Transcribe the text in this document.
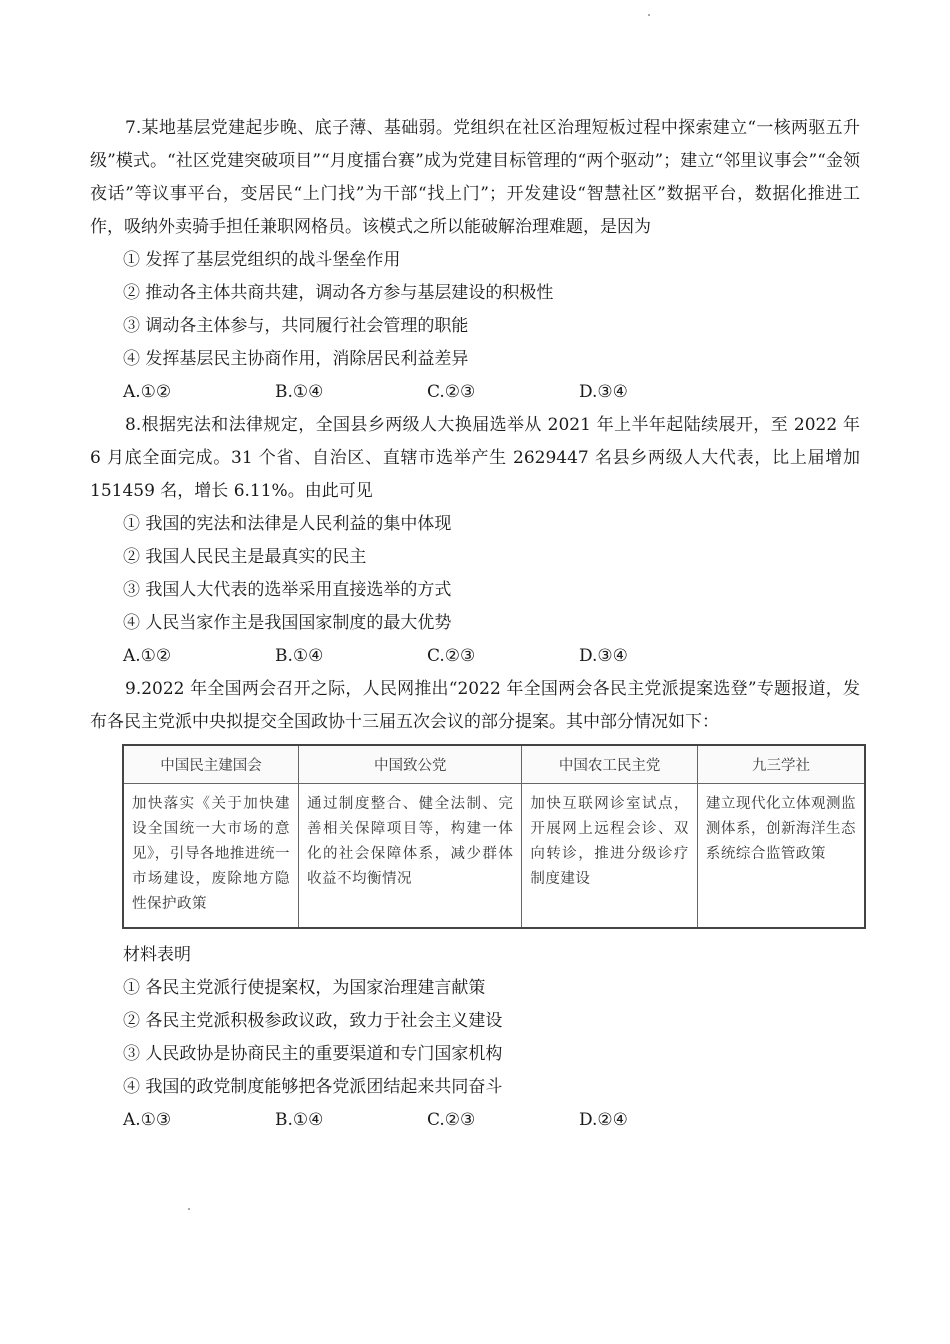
7.某地基层党建起步晚、底子薄、基础弱。党组织在社区治理短板过程中探索建立“一核两驱五升级”模式。“社区党建突破项目”“月度擂台赛”成为党建目标管理的“两个驱动”；建立“邻里议事会”“金领夜话”等议事平台，变居民“上门找”为干部“找上门”；开发建设“智慧社区”数据平台，数据化推进工作，吸纳外卖骑手担任兼职网格员。该模式之所以能破解治理难题，是因为

① 发挥了基层党组织的战斗堡垒作用

② 推动各主体共商共建，调动各方参与基层建设的积极性

③ 调动各主体参与，共同履行社会管理的职能

④ 发挥基层民主协商作用，消除居民利益差异

A.①②	B.①④	C.②③	D.③④

8.根据宪法和法律规定，全国县乡两级人大换届选举从 2021 年上半年起陆续展开，至 2022 年 6 月底全面完成。31 个省、自治区、直辖市选举产生 2629447 名县乡两级人大代表，比上届增加 151459 名，增长 6.11%。由此可见

① 我国的宪法和法律是人民利益的集中体现

② 我国人民民主是最真实的民主

③ 我国人大代表的选举采用直接选举的方式

④ 人民当家作主是我国国家制度的最大优势

A.①②	B.①④	C.②③	D.③④

9.2022 年全国两会召开之际，人民网推出“2022 年全国两会各民主党派提案选登”专题报道，发布各民主党派中央拟提交全国政协十三届五次会议的部分提案。其中部分情况如下：

中国民主建国会	中国致公党	中国农工民主党	九三学社
加快落实《关于加快建设全国统一大市场的意见》，引导各地推进统一市场建设，废除地方隐性保护政策	通过制度整合、健全法制、完善相关保障项目等，构建一体化的社会保障体系，减少群体收益不均衡情况	加快互联网诊室试点，开展网上远程会诊、双向转诊，推进分级诊疗制度建设	建立现代化立体观测监测体系，创新海洋生态系统综合监管政策

材料表明

① 各民主党派行使提案权，为国家治理建言献策

② 各民主党派积极参政议政，致力于社会主义建设

③ 人民政协是协商民主的重要渠道和专门国家机构

④ 我国的政党制度能够把各党派团结起来共同奋斗

A.①③	B.①④	C.②③	D.②④
